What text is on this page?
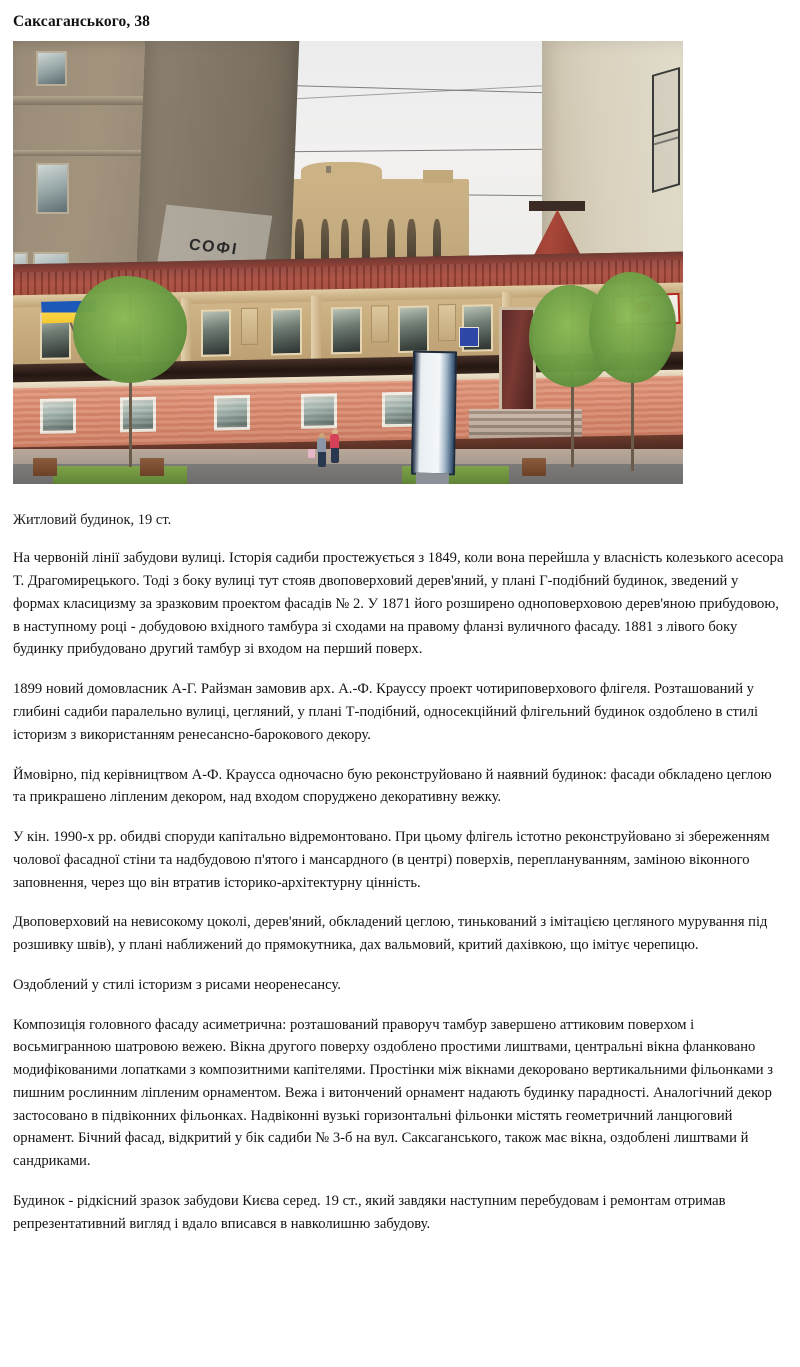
Саксаганського, 38
СОФІ

Житловий будинок, 19 ст.

На червоній лінії забудови вулиці. Історія садиби простежується з 1849, коли вона перейшла у власність колезького асесора Т. Драгомирецького. Тоді з боку вулиці тут стояв двоповерховий дерев'яний, у плані Г-подібний будинок, зведений у формах класицизму за зразковим проектом фасадів № 2. У 1871 його розширено одноповерховою дерев'яною прибудовою, в наступному році - добудовою вхідного тамбура зі сходами на правому фланзі вуличного фасаду. 1881 з лівого боку будинку прибудовано другий тамбур зі входом на перший поверх.

1899 новий домовласник А-Г. Райзман замовив арх. А.-Ф. Крауссу проект чотириповерхового флігеля. Розташований у глибині садиби паралельно вулиці, цегляний, у плані Т-подібний, односекційний флігельний будинок оздоблено в стилі історизм з використанням ренесансно-барокового декору.

Ймовірно, під керівництвом А-Ф. Краусса одночасно бую реконструйовано й наявний будинок: фасади обкладено цеглою та прикрашено ліпленим декором, над входом споруджено декоративну вежку.

У кін. 1990-х рр. обидві споруди капітально відремонтовано. При цьому флігель істотно реконструйовано зі збереженням чолової фасадної стіни та надбудовою п'ятого і мансардного (в центрі) поверхів, переплануванням, заміною віконного заповнення, через що він втратив історико-архітектурну цінність.

Двоповерховий на невисокому цоколі, дерев'яний, обкладений цеглою, тинькований з імітацією цегляного мурування під розшивку швів), у плані наближений до прямокутника, дах вальмовий, критий дахівкою, що імітує черепицю.

Оздоблений у стилі історизм з рисами неоренесансу.

Композиція головного фасаду асиметрична: розташований праворуч тамбур завершено аттиковим поверхом і восьмигранною шатровою вежею. Вікна другого поверху оздоблено простими лиштвами, центральні вікна фланковано модифікованими лопатками з композитними капітелями. Простінки між вікнами декоровано вертикальними фільонками з пишним рослинним ліпленим орнаментом. Вежа і витончений орнамент надають будинку парадності. Аналогічний декор застосовано в підвіконних фільонках. Надвіконні вузькі горизонтальні фільонки містять геометричний ланцюговий орнамент. Бічний фасад, відкритий у бік садиби № 3-б на вул. Саксаганського, також має вікна, оздоблені лиштвами й сандриками.

Будинок - рідкісний зразок забудови Києва серед. 19 ст., який завдяки наступним перебудовам і ремонтам отримав репрезентативний вигляд і вдало вписався в навколишню забудову.
